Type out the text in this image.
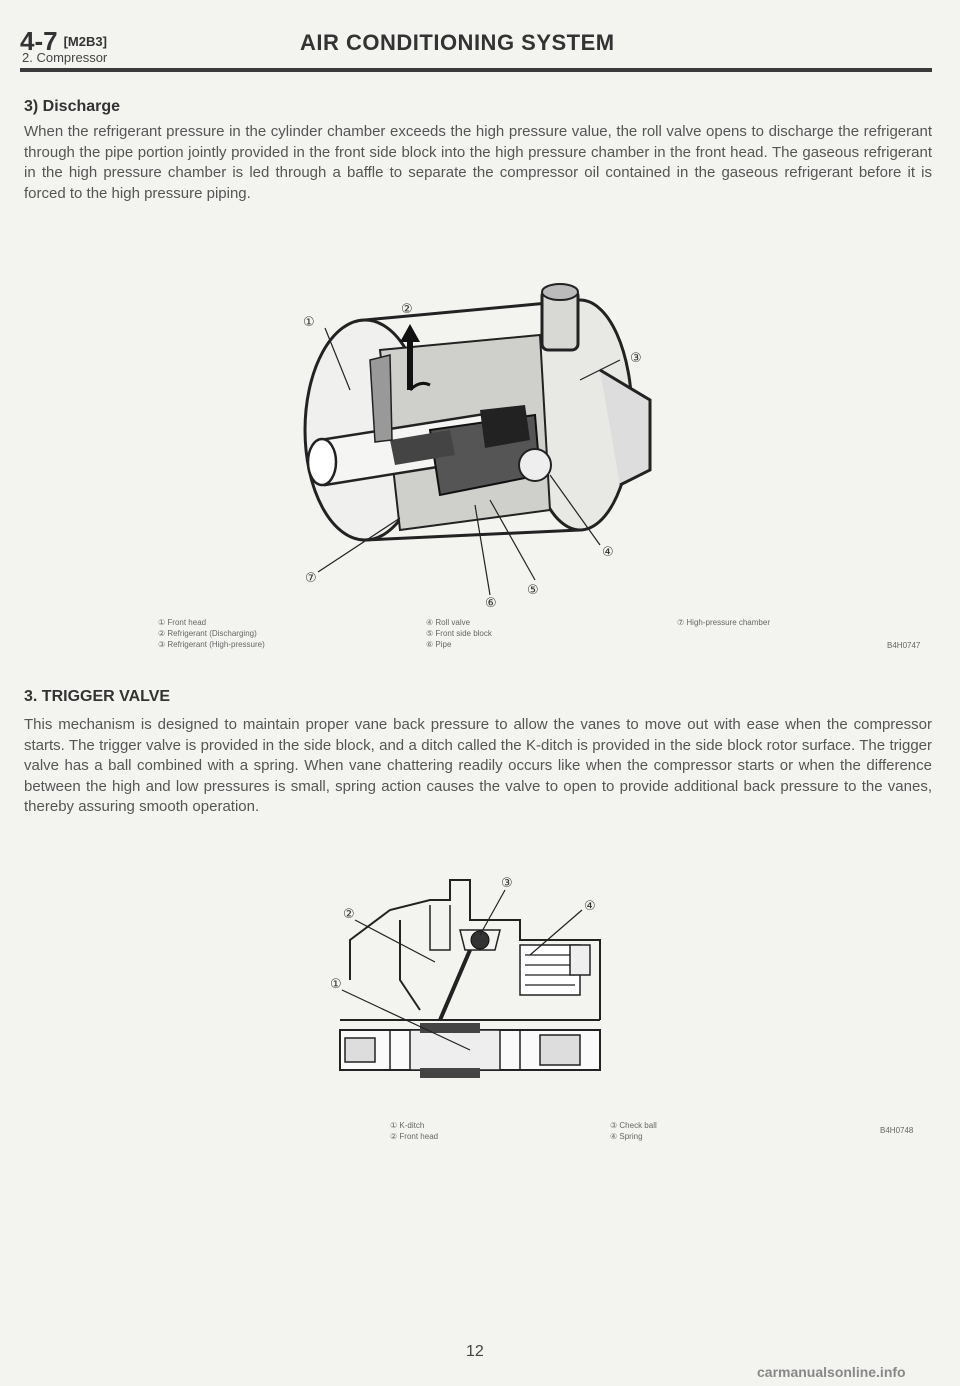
4-7 [M2B3]
2. Compressor
AIR CONDITIONING SYSTEM
3) Discharge
When the refrigerant pressure in the cylinder chamber exceeds the high pressure value, the roll valve opens to discharge the refrigerant through the pipe portion jointly provided in the front side block into the high pressure chamber in the front head. The gaseous refrigerant in the high pressure chamber is led through a baffle to separate the compressor oil contained in the gaseous refrigerant before it is forced to the high pressure piping.
①
②
③
④
⑤
⑥
⑦
① Front head
② Refrigerant (Discharging)
③ Refrigerant (High-pressure)
④ Roll valve
⑤ Front side block
⑥ Pipe
⑦ High-pressure chamber
B4H0747
3. TRIGGER VALVE
This mechanism is designed to maintain proper vane back pressure to allow the vanes to move out with ease when the compressor starts. The trigger valve is provided in the side block, and a ditch called the K-ditch is provided in the side block rotor surface. The trigger valve has a ball combined with a spring. When vane chattering readily occurs like when the compressor starts or when the difference between the high and low pressures is small, spring action causes the valve to open to provide additional back pressure to the vanes, thereby assuring smooth operation.
②
①
③
④
① K-ditch
② Front head
③ Check ball
④ Spring
B4H0748
12
carmanualsonline.info
